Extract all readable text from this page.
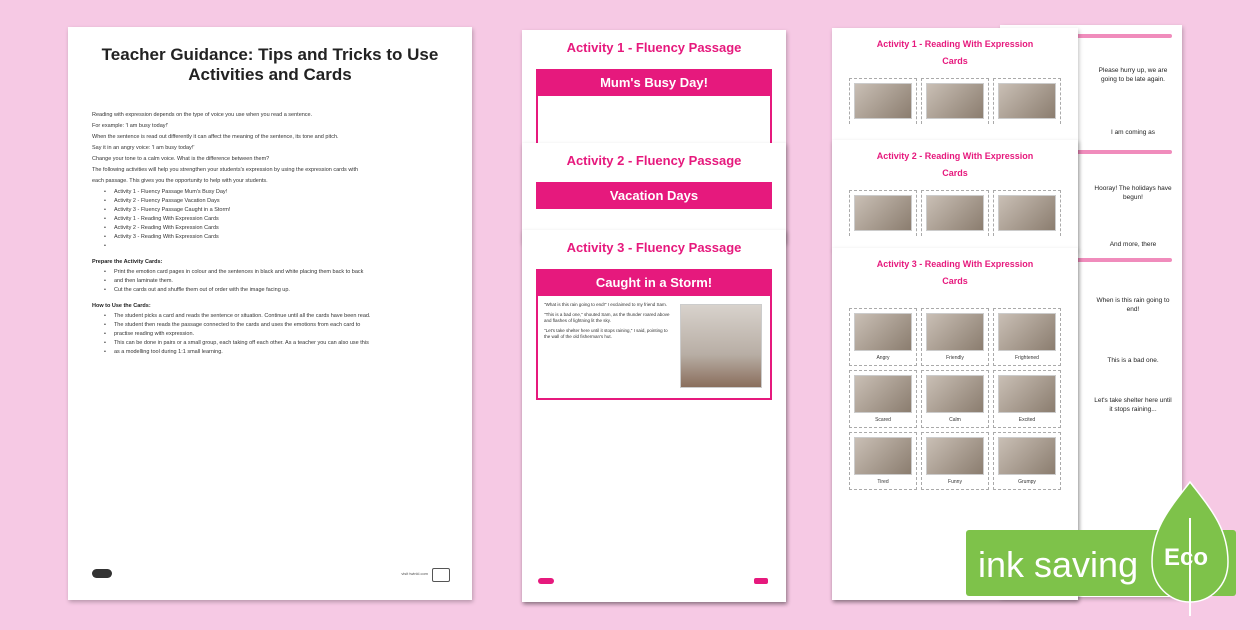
Teacher Guidance: Tips and Tricks to Use
Activities and Cards
Reading with expression depends on the type of voice you use when you read a sentence.
For example: 'I am busy today!'
When the sentence is read out differently it can affect the meaning of the sentence, its tone and pitch.
Say it in an angry voice: 'I am busy today!'
Change your tone to a calm voice. What is the difference between them?
The following activities will help you strengthen your students's expression by using the expression cards with
each passage. This gives you the opportunity to help with your students.
• Activity 1 - Fluency Passage Mum's Busy Day!
• Activity 2 - Fluency Passage Vacation Days
• Activity 3 - Fluency Passage Caught in a Storm!
• Activity 1 - Reading With Expression Cards
• Activity 2 - Reading With Expression Cards
• Activity 3 - Reading With Expression Cards
•
Prepare the Activity Cards:
• Print the emotion card pages in colour and the sentences in black and white placing them back to back
• and then laminate them.
• Cut the cards out and shuffle them out of order with the image facing up.
How to Use the Cards:
• The student picks a card and reads the sentence or situation. Continue until all the cards have been read.
• The student then reads the passage connected to the cards and uses the emotions from each card to
• practise reading with expression.
• This can be done in pairs or a small group, each taking off each other. As a teacher you can also use this
• as a modelling tool during 1:1 small learning.
visit twinkl.com
Activity 1 - Fluency Passage
Mum's Busy Day!
Activity 2 - Fluency Passage
Vacation Days
Activity 3 - Fluency Passage
Caught in a Storm!

"What is this rain going to end!" I exclaimed to my friend Sam.

"This is a bad one," shouted Sam, as the thunder roared above and flashes of lightning lit the sky.

"Let's take shelter here until it stops raining," I said, pointing to the wall of the old fisherman's hut.

Please hurry up, we are going to be late again.
I am coming as
Hooray! The holidays have begun!
And more, there
When is this rain going to end!
This is a bad one.
Let's take shelter here until it stops raining...
Activity 1 - Reading With Expression
Cards
Activity 2 - Reading With Expression
Cards
Activity 3 - Reading With Expression
Cards
Angry	Friendly	Frightened
Scared	Calm	Excited
Tired	Funny	Grumpy
ink saving Eco
